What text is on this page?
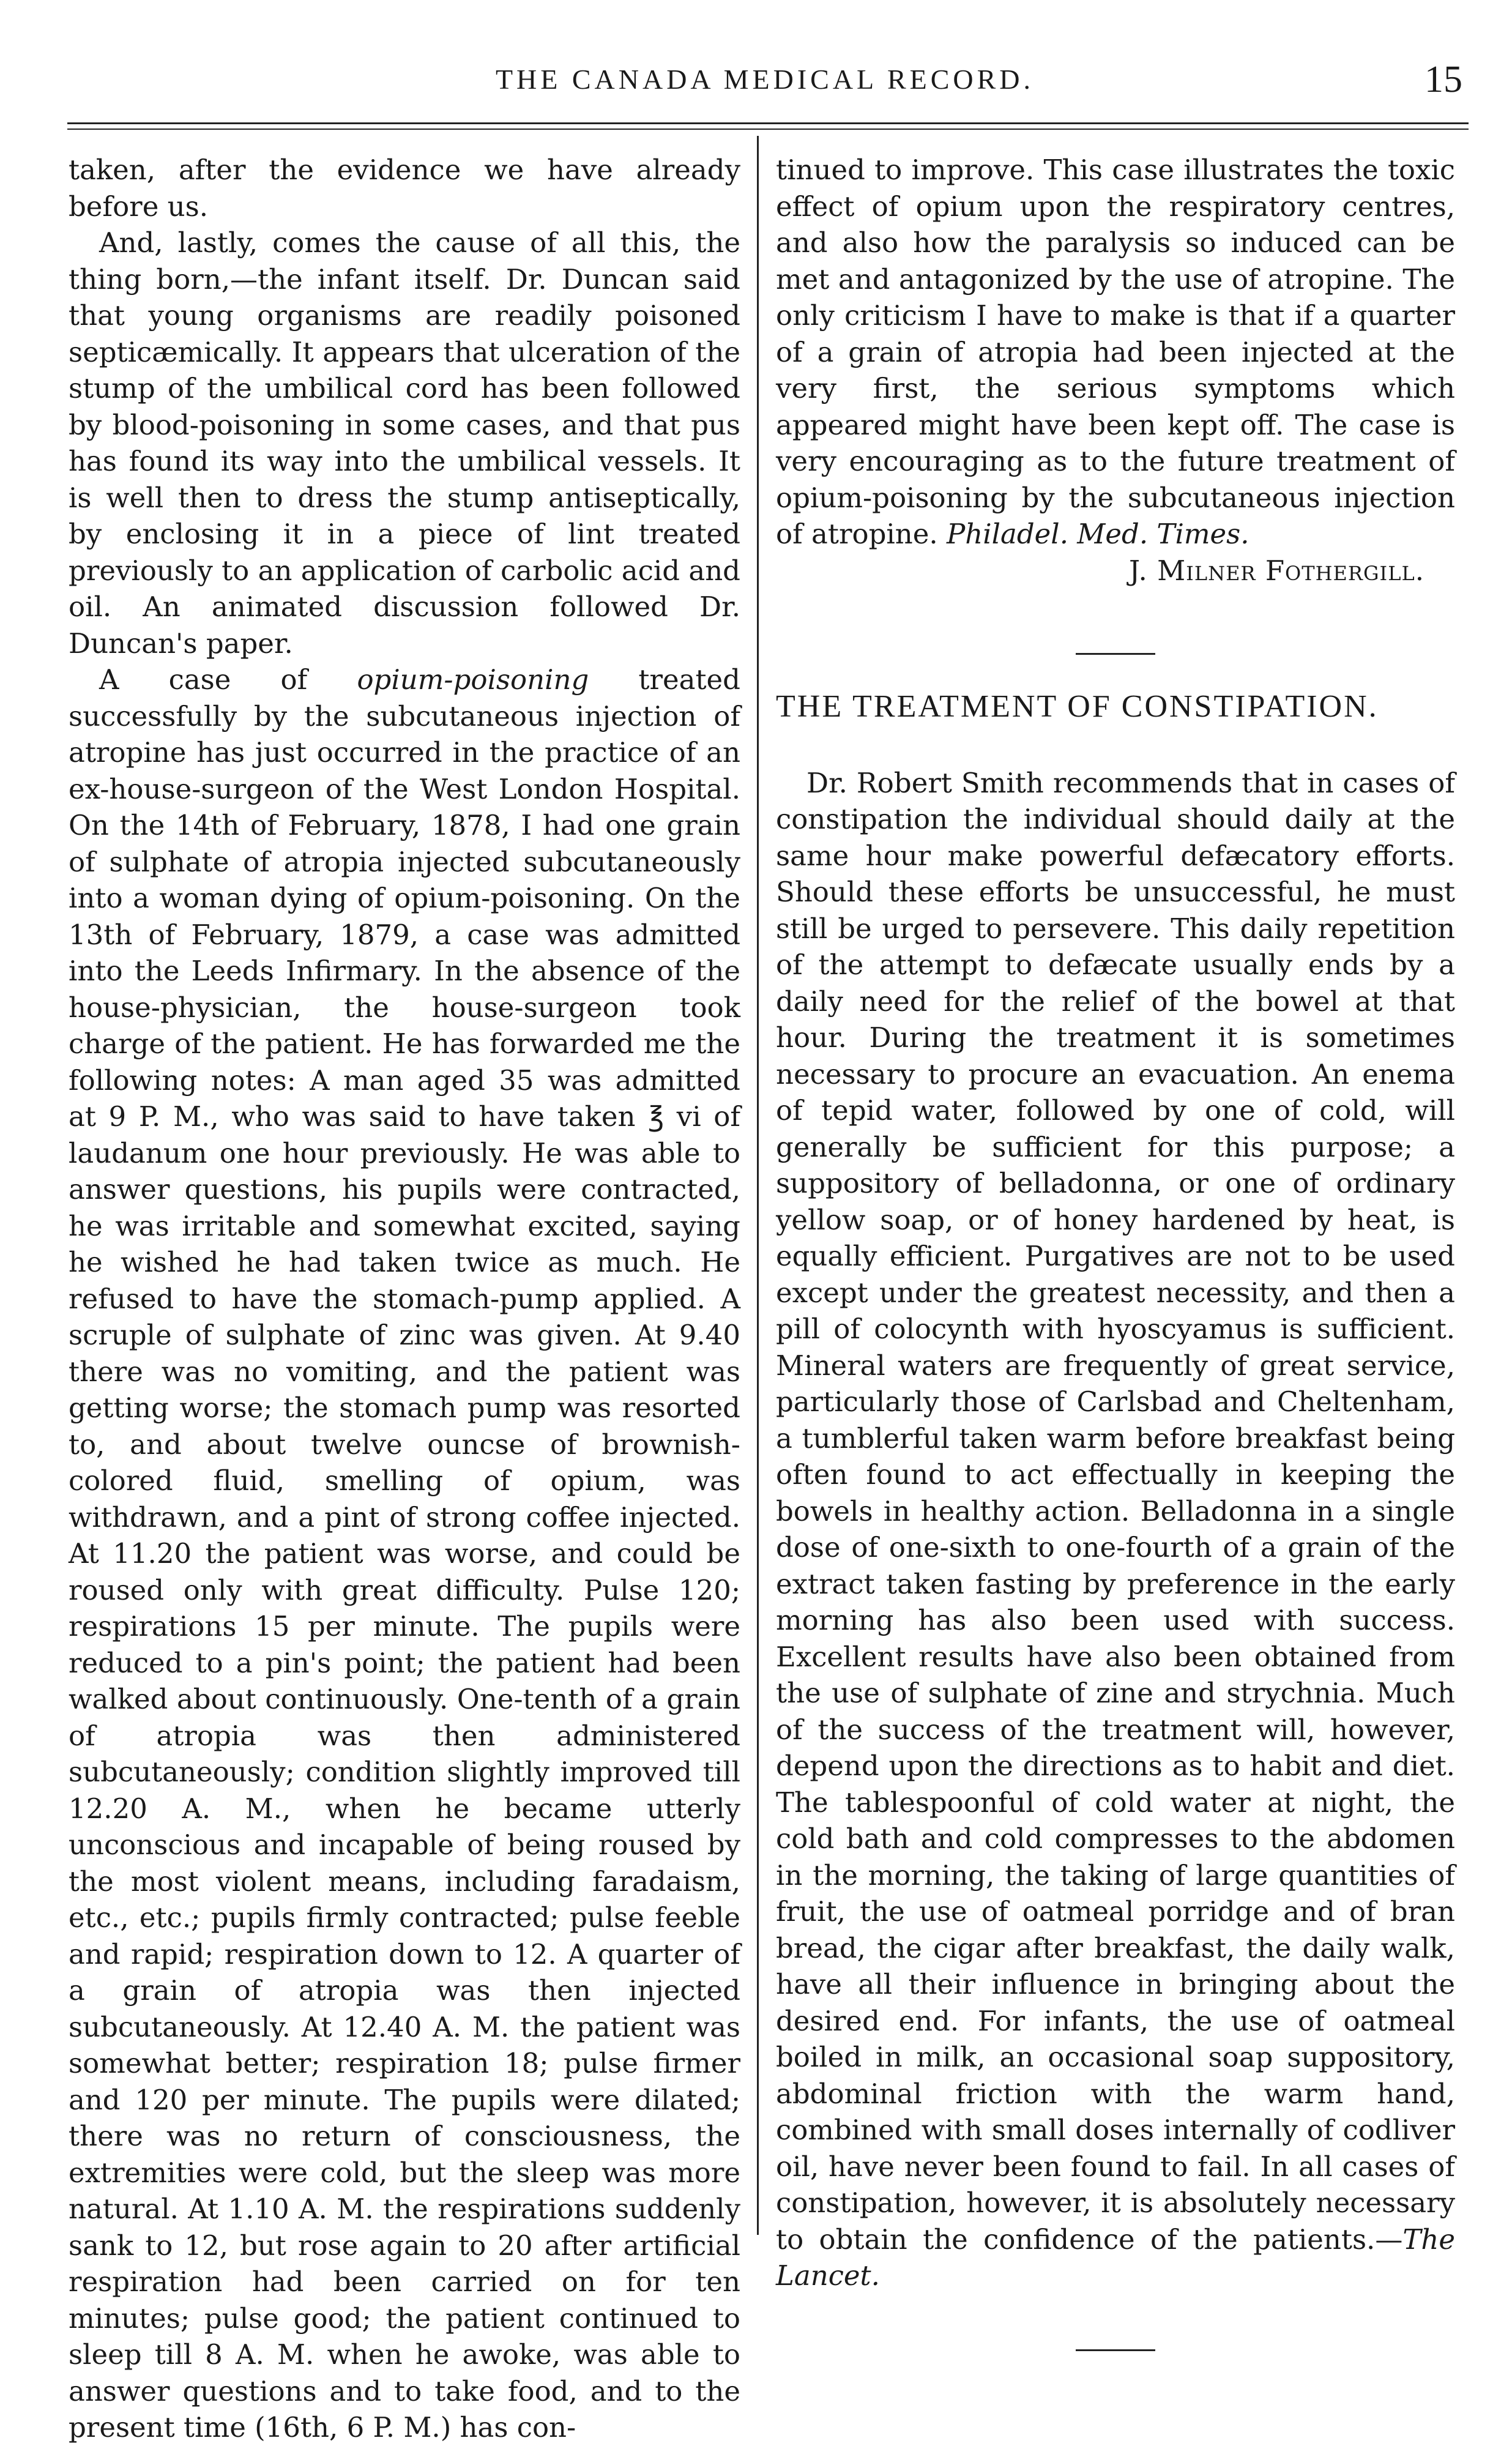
THE CANADA MEDICAL RECORD.	15

taken, after the evidence we have already before us.

And, lastly, comes the cause of all this, the thing born,—the infant itself. Dr. Duncan said that young organisms are readily poisoned septicæmically. It appears that ulceration of the stump of the umbilical cord has been followed by blood-poisoning in some cases, and that pus has found its way into the umbilical vessels. It is well then to dress the stump antiseptically, by enclosing it in a piece of lint treated previously to an application of carbolic acid and oil. An animated discussion followed Dr. Duncan's paper.

A case of opium-poisoning treated successfully by the subcutaneous injection of atropine has just occurred in the practice of an ex-house-surgeon of the West London Hospital. On the 14th of February, 1878, I had one grain of sulphate of atropia injected subcutaneously into a woman dying of opium-poisoning. On the 13th of February, 1879, a case was admitted into the Leeds Infirmary. In the absence of the house-physician, the house-surgeon took charge of the patient. He has forwarded me the following notes: A man aged 35 was admitted at 9 P. M., who was said to have taken ℥ vi of laudanum one hour previously. He was able to answer questions, his pupils were contracted, he was irritable and somewhat excited, saying he wished he had taken twice as much. He refused to have the stomach-pump applied. A scruple of sulphate of zinc was given. At 9.40 there was no vomiting, and the patient was getting worse; the stomach pump was resorted to, and about twelve ouncse of brownish-colored fluid, smelling of opium, was withdrawn, and a pint of strong coffee injected. At 11.20 the patient was worse, and could be roused only with great difficulty. Pulse 120; respirations 15 per minute. The pupils were reduced to a pin's point; the patient had been walked about continuously. One-tenth of a grain of atropia was then administered subcutaneously; condition slightly improved till 12.20 A. M., when he became utterly unconscious and incapable of being roused by the most violent means, including faradaism, etc., etc.; pupils firmly contracted; pulse feeble and rapid; respiration down to 12. A quarter of a grain of atropia was then injected subcutaneously. At 12.40 A. M. the patient was somewhat better; respiration 18; pulse firmer and 120 per minute. The pupils were dilated; there was no return of consciousness, the extremities were cold, but the sleep was more natural. At 1.10 A. M. the respirations suddenly sank to 12, but rose again to 20 after artificial respiration had been carried on for ten minutes; pulse good; the patient continued to sleep till 8 A. M. when he awoke, was able to answer questions and to take food, and to the present time (16th, 6 P. M.) has con-

tinued to improve. This case illustrates the toxic effect of opium upon the respiratory centres, and also how the paralysis so induced can be met and antagonized by the use of atropine. The only criticism I have to make is that if a quarter of a grain of atropia had been injected at the very first, the serious symptoms which appeared might have been kept off. The case is very encouraging as to the future treatment of opium-poisoning by the subcutaneous injection of atropine. Philadel. Med. Times.

J. Milner Fothergill.

THE TREATMENT OF CONSTIPATION.

Dr. Robert Smith recommends that in cases of constipation the individual should daily at the same hour make powerful defæcatory efforts. Should these efforts be unsuccessful, he must still be urged to persevere. This daily repetition of the attempt to defæcate usually ends by a daily need for the relief of the bowel at that hour. During the treatment it is sometimes necessary to procure an evacuation. An enema of tepid water, followed by one of cold, will generally be sufficient for this purpose; a suppository of belladonna, or one of ordinary yellow soap, or of honey hardened by heat, is equally efficient. Purgatives are not to be used except under the greatest necessity, and then a pill of colocynth with hyoscyamus is sufficient. Mineral waters are frequently of great service, particularly those of Carlsbad and Cheltenham, a tumblerful taken warm before breakfast being often found to act effectually in keeping the bowels in healthy action. Belladonna in a single dose of one-sixth to one-fourth of a grain of the extract taken fasting by preference in the early morning has also been used with success. Excellent results have also been obtained from the use of sulphate of zine and strychnia. Much of the success of the treatment will, however, depend upon the directions as to habit and diet. The tablespoonful of cold water at night, the cold bath and cold compresses to the abdomen in the morning, the taking of large quantities of fruit, the use of oatmeal porridge and of bran bread, the cigar after breakfast, the daily walk, have all their influence in bringing about the desired end. For infants, the use of oatmeal boiled in milk, an occasional soap suppository, abdominal friction with the warm hand, combined with small doses internally of codliver oil, have never been found to fail. In all cases of constipation, however, it is absolutely necessary to obtain the confidence of the patients.—The Lancet.
